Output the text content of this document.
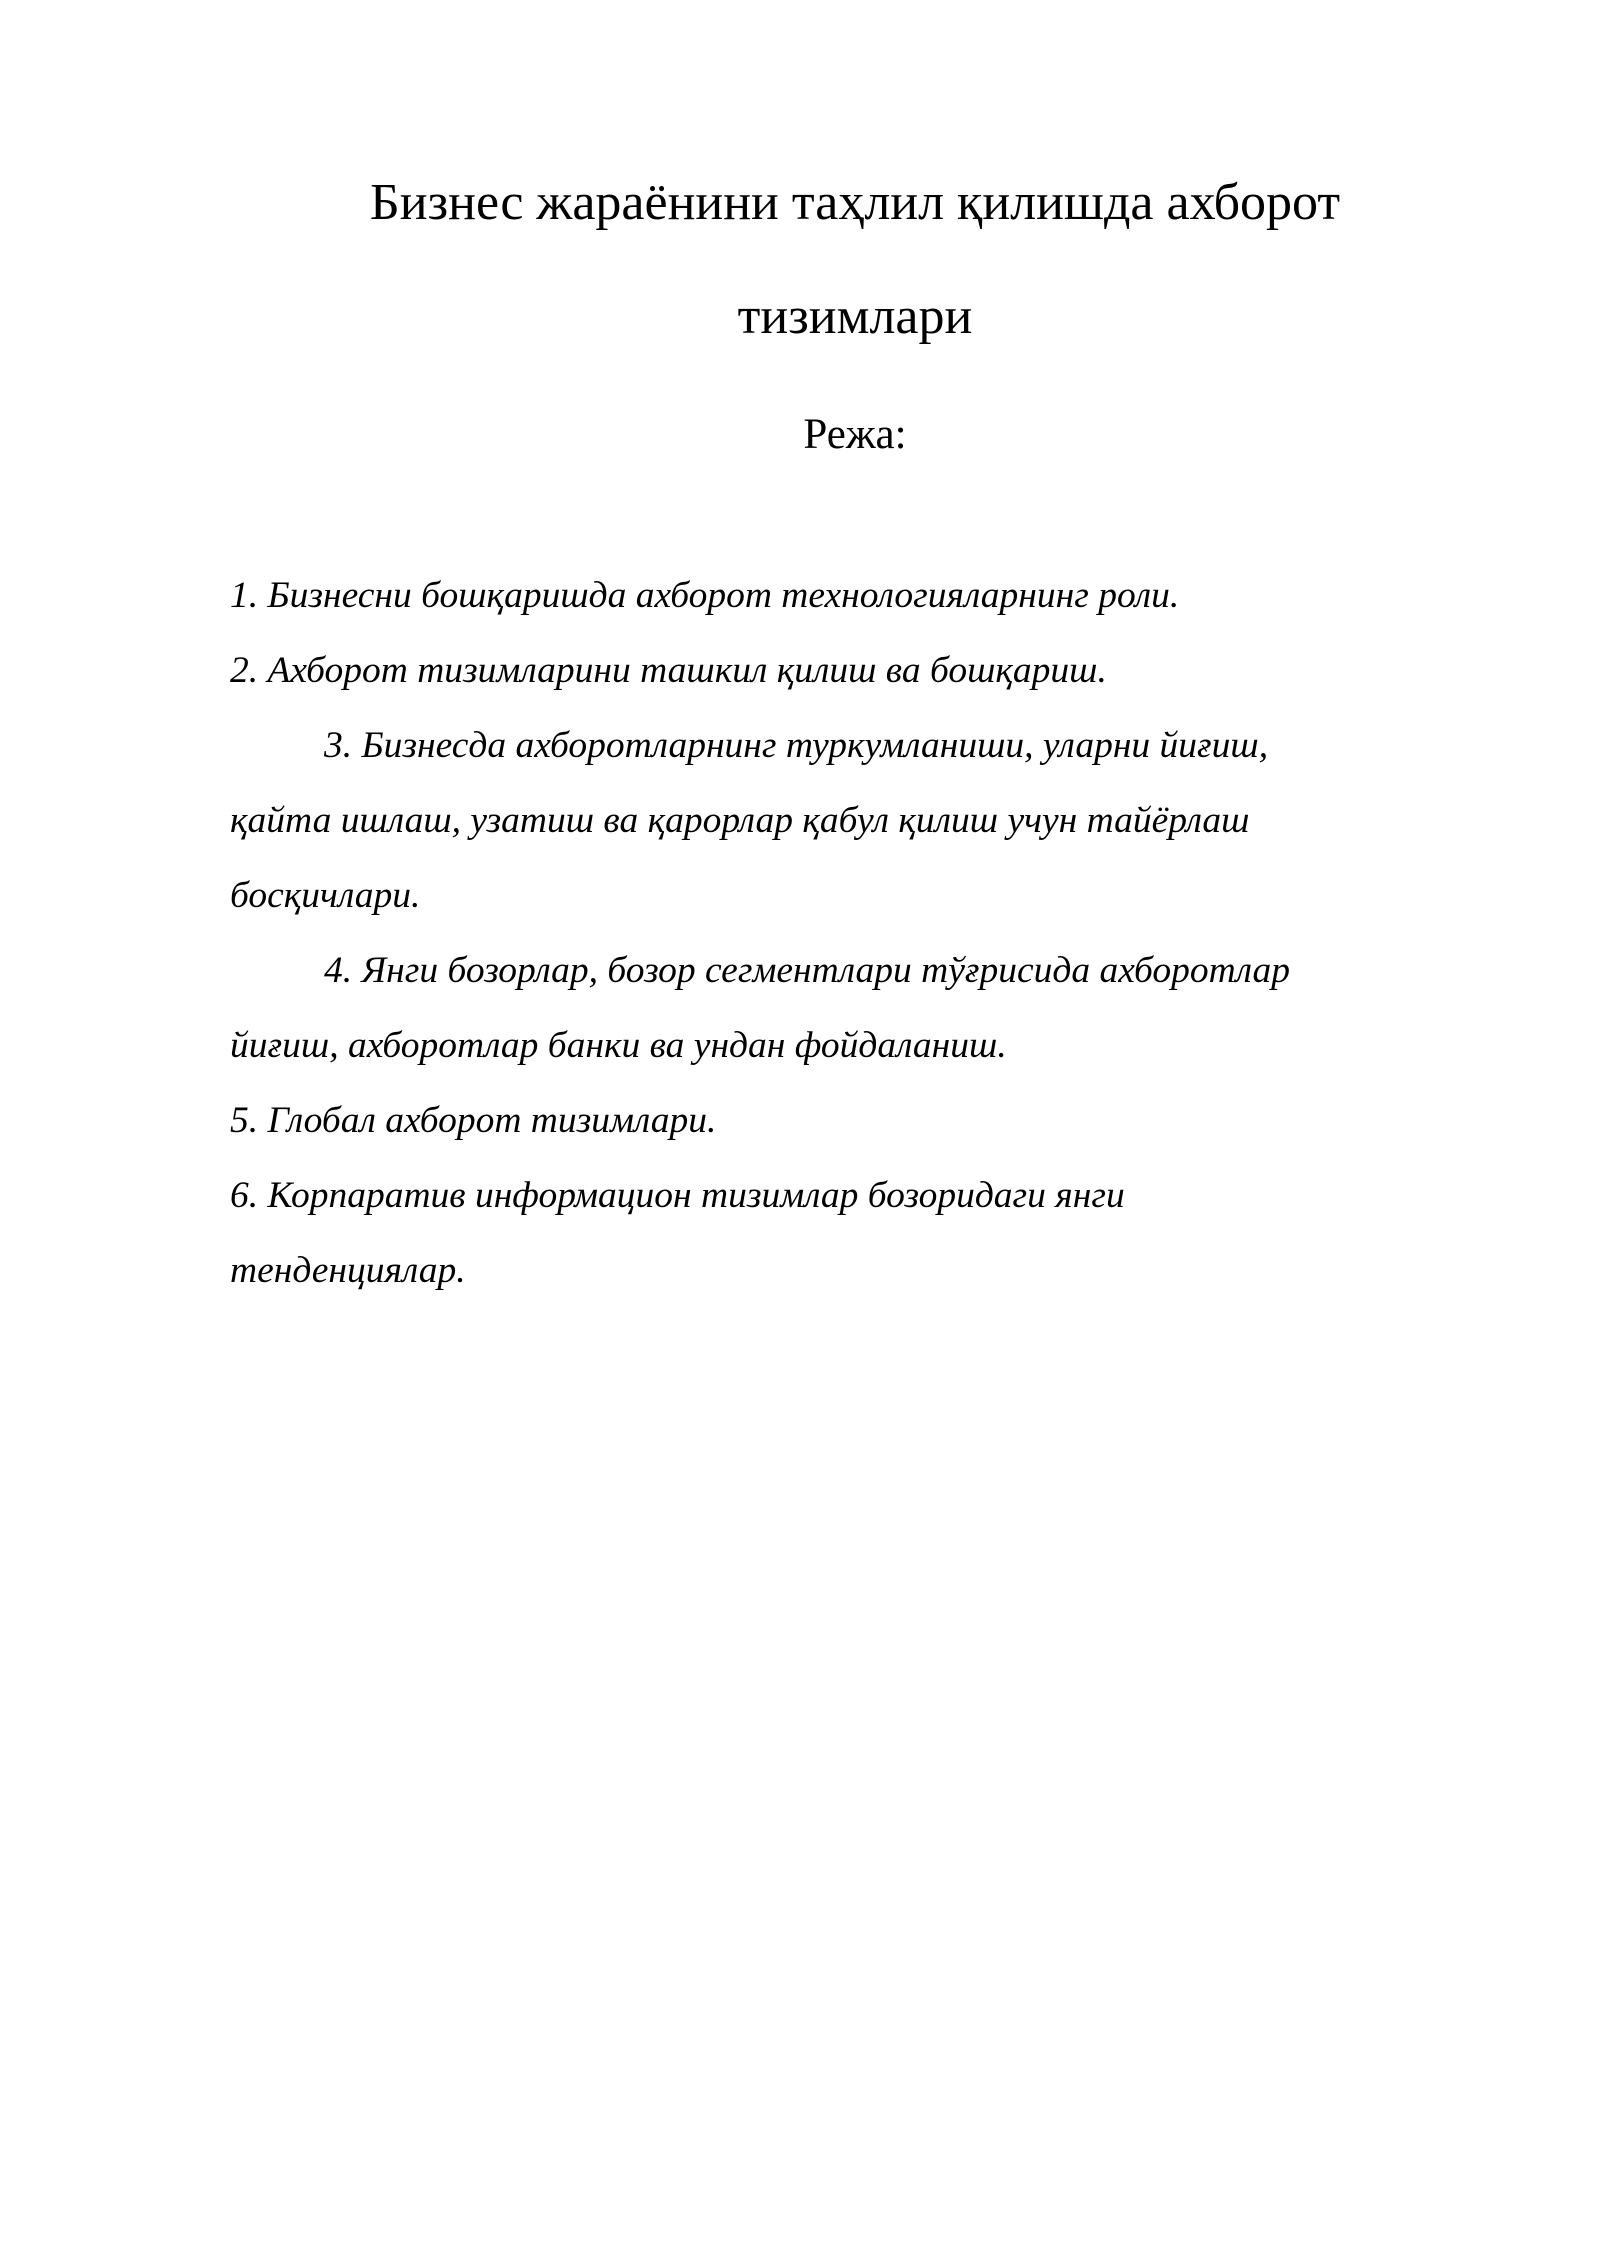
Бизнес жараёнини таҳлил қилишда ахборот
тизимлари

Режа:

1. Бизнесни бошқаришда ахборот технологияларнинг роли.
2. Ахборот тизимларини ташкил қилиш ва бошқариш.
3. Бизнесда ахборотларнинг туркумланиши, уларни йиғиш,
қайта ишлаш, узатиш ва қарорлар қабул қилиш учун тайёрлаш
босқичлари.
4. Янги бозорлар, бозор сегментлари тўғрисида ахборотлар
йиғиш, ахборотлар банки ва ундан фойдаланиш.
5. Глобал ахборот тизимлари.
6. Корпаратив информацион тизимлар бозоридаги янги
тенденциялар.
